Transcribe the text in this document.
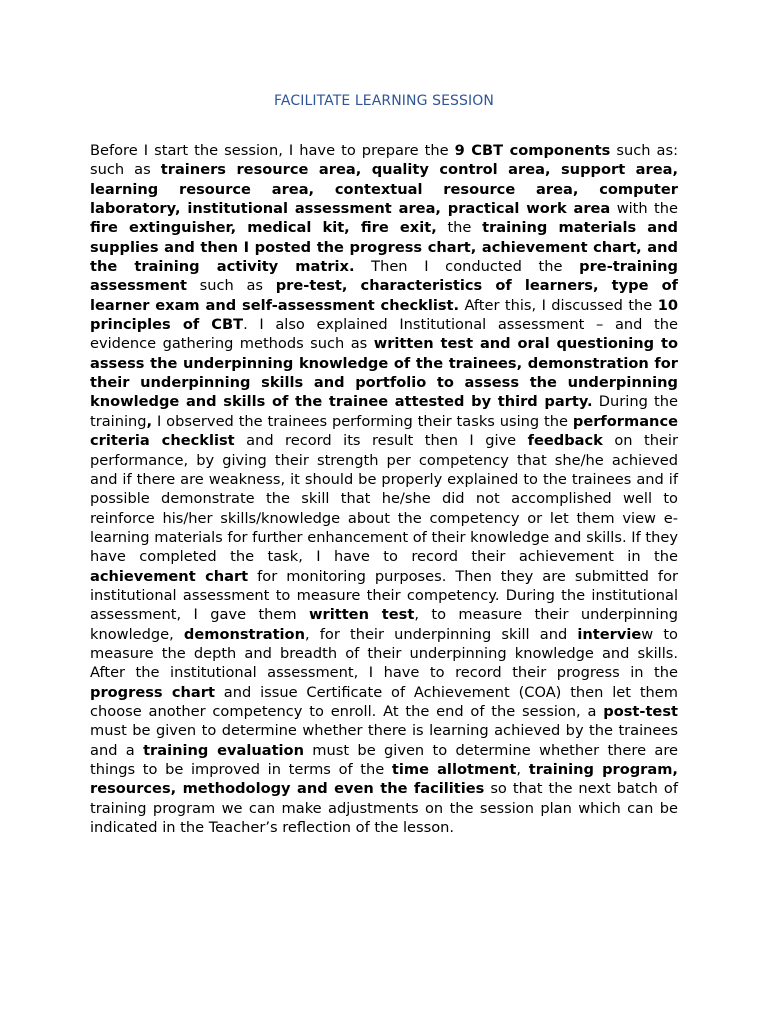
FACILITATE LEARNING SESSION

Before I start the session, I have to prepare the 9 CBT components such as: such as trainers resource area, quality control area, support area, learning resource area, contextual resource area, computer laboratory, institutional assessment area, practical work area with the fire extinguisher, medical kit, fire exit, the training materials and supplies and then I posted the progress chart, achievement chart, and the training activity matrix. Then I conducted the pre-training assessment such as pre-test, characteristics of learners, type of learner exam and self-assessment checklist. After this, I discussed the 10 principles of CBT. I also explained Institutional assessment – and the evidence gathering methods such as written test and oral questioning to assess the underpinning knowledge of the trainees, demonstration for their underpinning skills and portfolio to assess the underpinning knowledge and skills of the trainee attested by third party. During the training, I observed the trainees performing their tasks using the performance criteria checklist and record its result then I give feedback on their performance, by giving their strength per competency that she/he achieved and if there are weakness, it should be properly explained to the trainees and if possible demonstrate the skill that he/she did not accomplished well to reinforce his/her skills/knowledge about the competency or let them view e-learning materials for further enhancement of their knowledge and skills. If they have completed the task, I have to record their achievement in the achievement chart for monitoring purposes. Then they are submitted for institutional assessment to measure their competency. During the institutional assessment, I gave them written test, to measure their underpinning knowledge, demonstration, for their underpinning skill and interview to measure the depth and breadth of their underpinning knowledge and skills. After the institutional assessment, I have to record their progress in the progress chart and issue Certificate of Achievement (COA) then let them choose another competency to enroll. At the end of the session, a post-test must be given to determine whether there is learning achieved by the trainees and a training evaluation must be given to determine whether there are things to be improved in terms of the time allotment, training program, resources, methodology and even the facilities so that the next batch of training program we can make adjustments on the session plan which can be indicated in the Teacher’s reflection of the lesson.
